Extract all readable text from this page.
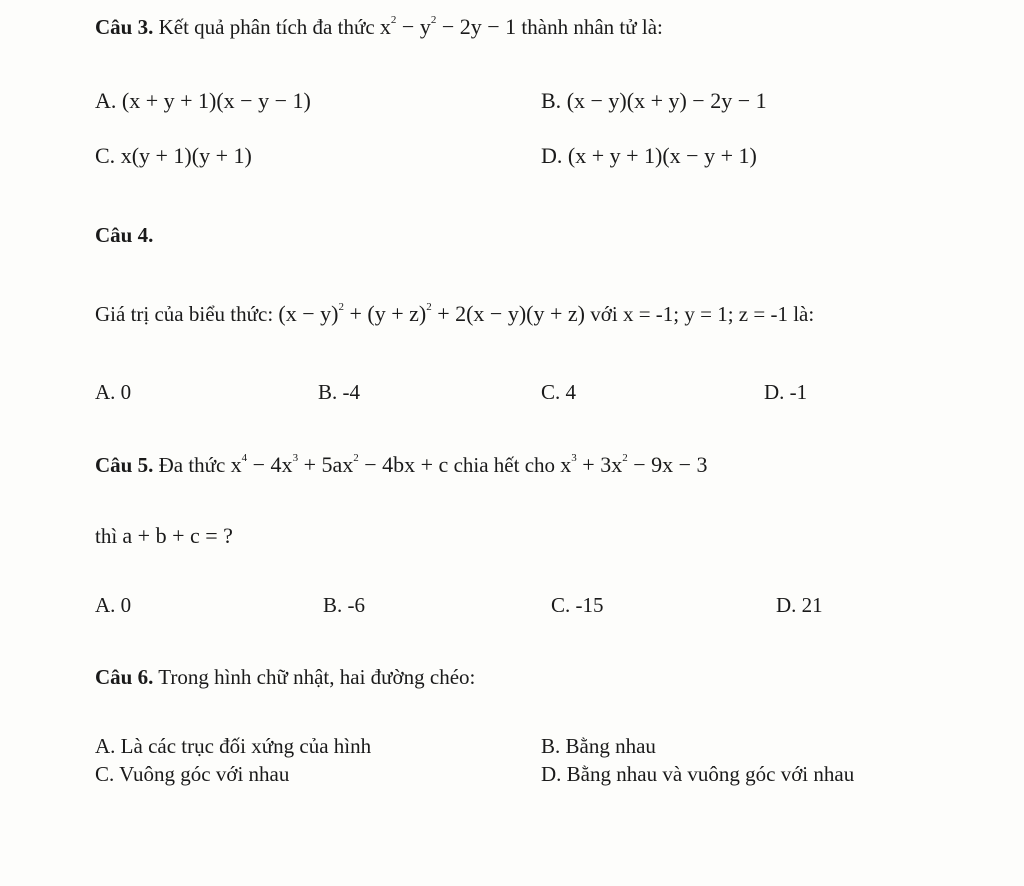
Câu 3. Kết quả phân tích đa thức $x^2 - y^2 - 2y - 1$ thành nhân tử là:
A. (x + y + 1)(x − y − 1)	B. (x − y)(x + y) − 2y − 1
C. x(y + 1)(y + 1)	D. (x + y + 1)(x − y + 1)
Câu 4.
Giá trị của biểu thức: $(x - y)^2 + (y + z)^2 + 2(x - y)(y + z)$ với x = -1; y = 1; z = -1 là:
A. 0	B. -4	C. 4	D. -1
Câu 5. Đa thức $x^4 - 4x^3 + 5ax^2 - 4bx + c$ chia hết cho $x^3 + 3x^2 - 9x - 3$
thì a + b + c = ?
A. 0	B. -6	C. -15	D. 21
Câu 6. Trong hình chữ nhật, hai đường chéo:
A. Là các trục đối xứng của hình	B. Bằng nhau
C. Vuông góc với nhau	D. Bằng nhau và vuông góc với nhau
